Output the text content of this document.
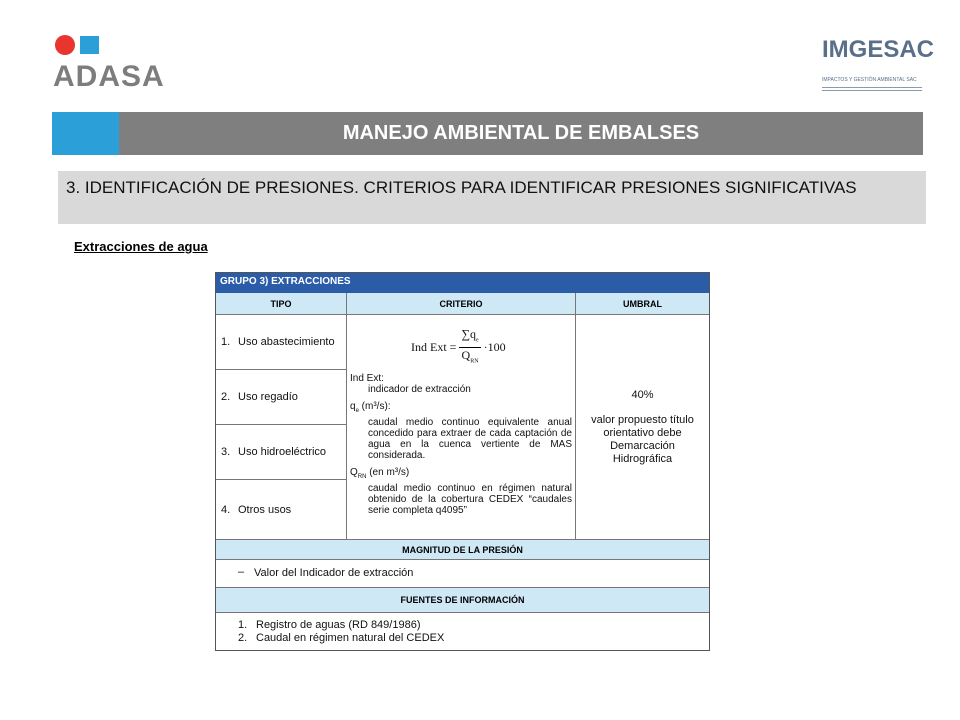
ADASA
IMGESAC
IMPACTOS Y GESTIÓN AMBIENTAL SAC
MANEJO AMBIENTAL DE EMBALSES
3. IDENTIFICACIÓN DE PRESIONES. CRITERIOS PARA IDENTIFICAR PRESIONES SIGNIFICATIVAS
Extracciones de agua
GRUPO 3) EXTRACCIONES
TIPO	CRITERIO	UMBRAL
1. Uso abastecimiento
2. Uso regadío
3. Uso hidroeléctrico
4. Otros usos
Ind Ext = $\frac{\sum q_e}{Q_{RN}} \cdot 100$
Ind Ext:
indicador de extracción
$q_e$ (m³/s):
caudal medio continuo equivalente anual concedido para extraer de cada captación de agua en la cuenca vertiente de MAS considerada.
$Q_{RN}$ (en m³/s)
caudal medio continuo en régimen natural obtenido de la cobertura CEDEX “caudales serie completa q4095”
40%
valor propuesto título
orientativo debe
Demarcación
Hidrográfica
MAGNITUD DE LA PRESIÓN
– Valor del Indicador de extracción
FUENTES DE INFORMACIÓN
1. Registro de aguas (RD 849/1986)
2. Caudal en régimen natural del CEDEX
